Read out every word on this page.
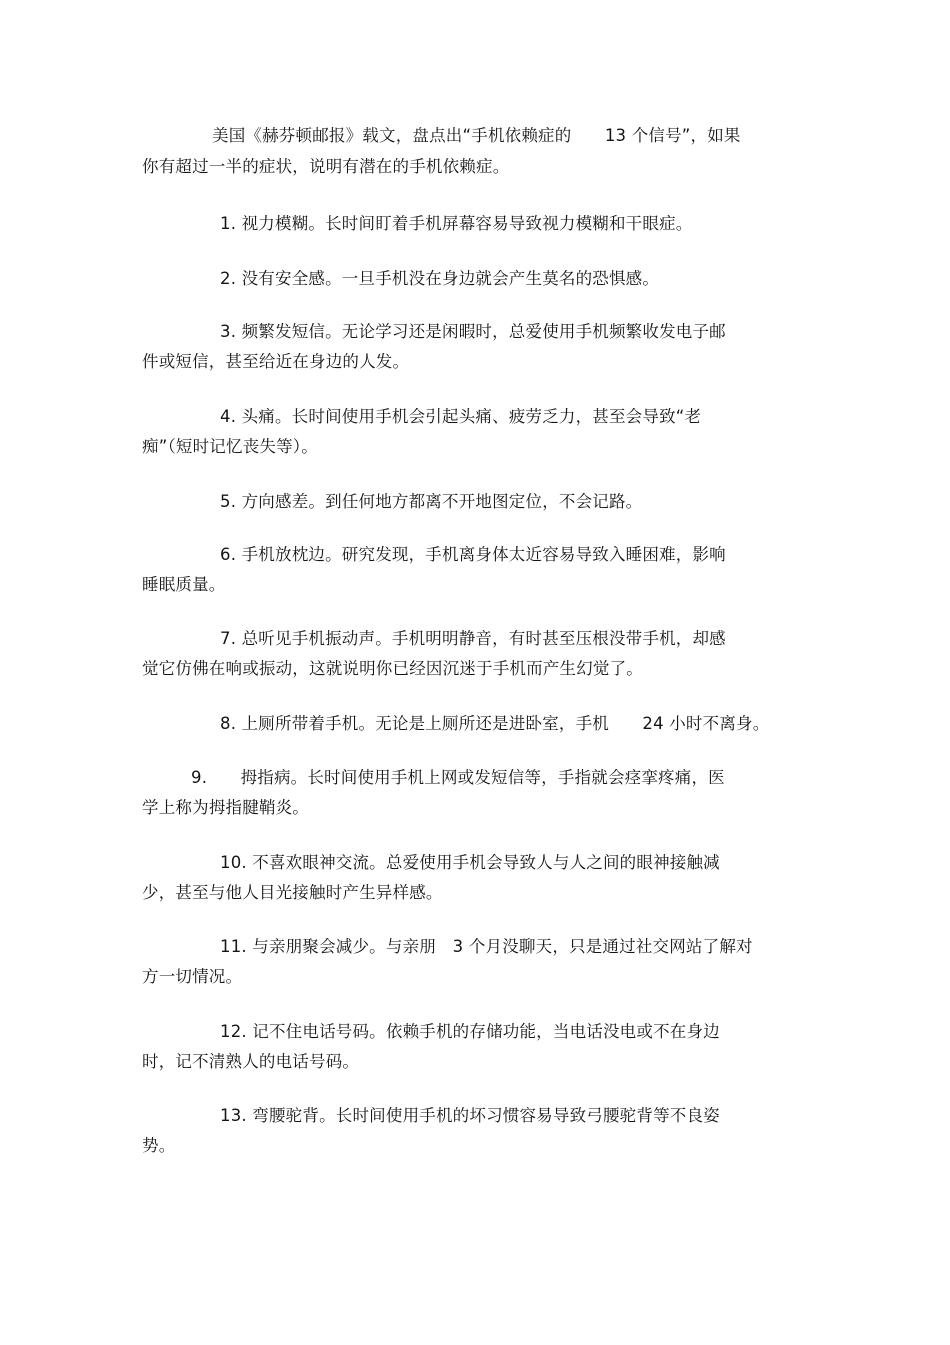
美国《赫芬顿邮报》载文，盘点出“手机依赖症的　　13 个信号”，如果
你有超过一半的症状，说明有潜在的手机依赖症。
1. 视力模糊。长时间盯着手机屏幕容易导致视力模糊和干眼症。
2. 没有安全感。一旦手机没在身边就会产生莫名的恐惧感。
3. 频繁发短信。无论学习还是闲暇时，总爱使用手机频繁收发电子邮
件或短信，甚至给近在身边的人发。
4. 头痛。长时间使用手机会引起头痛、疲劳乏力，甚至会导致“老
痴”（短时记忆丧失等）。
5. 方向感差。到任何地方都离不开地图定位，不会记路。
6. 手机放枕边。研究发现，手机离身体太近容易导致入睡困难，影响
睡眠质量。
7. 总听见手机振动声。手机明明静音，有时甚至压根没带手机，却感
觉它仿佛在响或振动，这就说明你已经因沉迷于手机而产生幻觉了。
8. 上厕所带着手机。无论是上厕所还是进卧室，手机　　24 小时不离身。
9.　　拇指病。长时间使用手机上网或发短信等，手指就会痉挛疼痛，医
学上称为拇指腱鞘炎。
10. 不喜欢眼神交流。总爱使用手机会导致人与人之间的眼神接触减
少，甚至与他人目光接触时产生异样感。
11. 与亲朋聚会减少。与亲朋　3 个月没聊天，只是通过社交网站了解对
方一切情况。
12. 记不住电话号码。依赖手机的存储功能，当电话没电或不在身边
时，记不清熟人的电话号码。
13. 弯腰驼背。长时间使用手机的坏习惯容易导致弓腰驼背等不良姿
势。
